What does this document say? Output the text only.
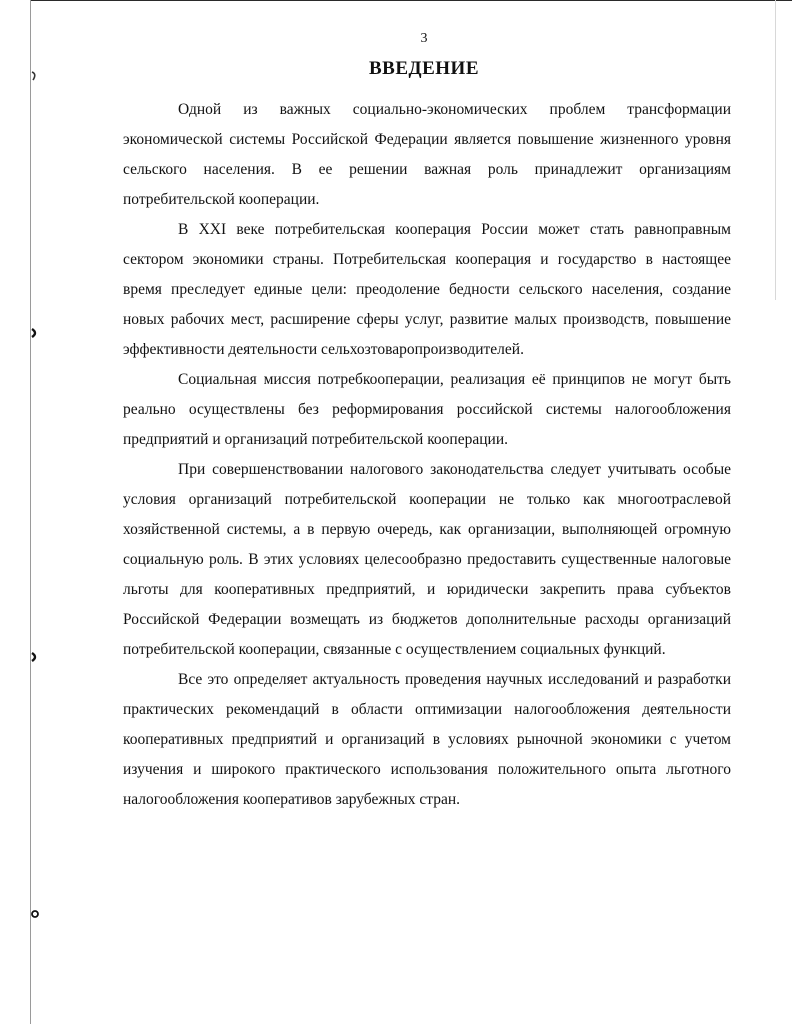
3
ВВЕДЕНИЕ

Одной из важных социально-экономических проблем трансформации экономической системы Российской Федерации является повышение жизненного уровня сельского населения. В ее решении важная роль принадлежит организациям потребительской кооперации.

В XXI веке потребительская кооперация России может стать равноправным сектором экономики страны. Потребительская кооперация и государство в настоящее время преследует единые цели: преодоление бедности сельского населения, создание новых рабочих мест, расширение сферы услуг, развитие малых производств, повышение эффективности деятельности сельхозтоваропроизводителей.

Социальная миссия потребкооперации, реализация её принципов не могут быть реально осуществлены без реформирования российской системы налогообложения предприятий и организаций потребительской кооперации.

При совершенствовании налогового законодательства следует учитывать особые условия организаций потребительской кооперации не только как многоотраслевой хозяйственной системы, а в первую очередь, как организации, выполняющей огромную социальную роль. В этих условиях целесообразно предоставить существенные налоговые льготы для кооперативных предприятий, и юридически закрепить права субъектов Российской Федерации возмещать из бюджетов дополнительные расходы организаций потребительской кооперации, связанные с осуществлением социальных функций.

Все это определяет актуальность проведения научных исследований и разработки практических рекомендаций в области оптимизации налогообложения деятельности кооперативных предприятий и организаций в условиях рыночной экономики с учетом изучения и широкого практического использования положительного опыта льготного налогообложения кооперативов зарубежных стран.
